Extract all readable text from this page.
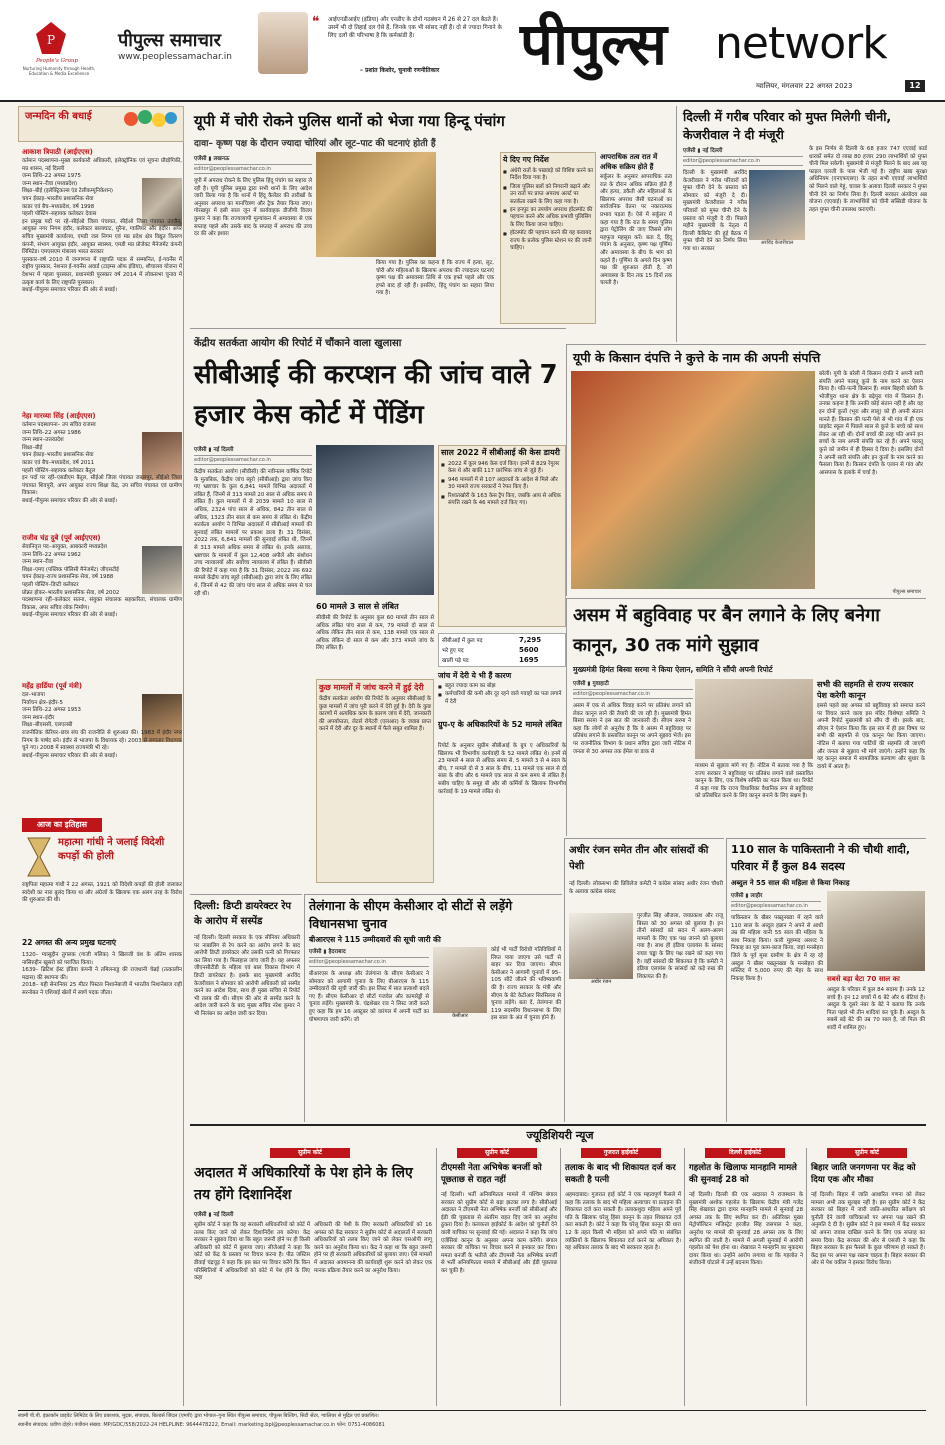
P
People's Group
Nurturing Humanity through Health, Education & Media Excellence
पीपुल्स समाचार
www.peoplessamachar.in
❝ आईएनडीआईए (इंडिया) और एनडीए के दोनों गठबंधन में 26 से 27 दल बैठते हैं। उसमें भी दो तिहाई दल ऐसे हैं, जिनके एक भी सांसद नहीं हैं। दो से ज्यादा गिनाने के लिए दलों की परिभाषा है कि कर्मकांडी हैं।
– प्रशांत किशोर, चुनावी रणनीतिकार	पीपुल्स	network
ग्वालियर, मंगलवार 22 अगस्त 2023	12
जन्मदिन की बधाई
आकाश त्रिपाठी (आईएएस)
वर्तमान पदस्थापना–मुख्य कार्यकारी अधिकारी, इलेक्ट्रॉनिक एवं सूचना प्रौद्योगिकी, मप्र शासन, नई दिल्ली
जन्म तिथि–22 अगस्त 1975
जन्म स्थान–रीवा (मध्यप्रदेश)
शिक्षा–बीई (इलेक्ट्रिकल्स एंड टेलीकम्यूनिकेशन)
चयन ईकाइ–भारतीय प्रशासनिक सेवा
काडर एवं बैच–मध्यप्रदेश, वर्ष 1998
पहली पोस्टिंग–सहायक कलेक्टर देवास
इन प्रमुख पदों पर रहे–सीईओ जिला पंचायत, सीईओ जिला पंचायत उज्जैन, आयुक्त नगर निगम इंदौर, कलेक्टर बालाघाट, मुरैना, ग्वालियर और इंदौर। अपर सचिव मुख्यमंत्री कार्यालय, एमडी जल निगम एवं मप्र प्रदेश क्षेत्र विद्युत वितरण कंपनी, संभाग आयुक्त इंदौर, आयुक्त स्वास्थ्य, एमडी मप्र प्रोजेक्ट मैनेजमेंट कंपनी लिमिटेड। एमएसएम मंत्रालय भारत सरकार
पुरस्कार–वर्ष 2010 में जनगणना में राष्ट्रपति पदक से सम्मानित, ई-गवर्नेंस में राष्ट्रीय पुरस्कार, नेशनल ई-गवर्नेंस अवार्ड (टाइम्स ऑफ इंडिया), शौचालय योजना में देशभर में पहला पुरस्कार, प्रधानमंत्री पुरस्कार वर्ष 2014 में लोकसभा चुनाव में उत्कृष्ट कार्य के लिए राष्ट्रपति पुरस्कार।
बधाई–पीपुल्स समाचार परिवार की ओर से बधाई।
नेहा मारव्या सिंह (आईएएस)
वर्तमान पदस्थापना– उप सचिव राजस्व
जन्म तिथि–22 अगस्त 1986
जन्म स्थान–उत्तरप्रदेश
शिक्षा–बीई
चयन ईकाइ–भारतीय प्रशासनिक सेवा
काडर एवं बैच–मध्यप्रदेश, वर्ष 2011
पहली पोस्टिंग–सहायक कलेक्टर बैतूल
इन पदों पर रहीं–एसडीएम बैतूल, सीईओ जिला पंचायत जबलपुर, सीईओ जिला पंचायत शिवपुरी, अपर आयुक्त राज्य शिक्षा केंद्र, उप सचिव पंचायत एवं ग्रामीण विकास।
बधाई–पीपुल्स समाचार परिवार की ओर से बधाई।
राजीव चंद्र दुबे (पूर्व आईएएस)
सेवानिवृत्त पद–आयुक्त, आबकारी मध्यप्रदेश
जन्म तिथि–22 अगस्त 1962
जन्म स्थान–रीवा
शिक्षा–एमए (पब्लिक पॉलिसी मैनेजमेंट) जीएसटीई
चयन ईकाइ–राज्य प्रशासनिक सेवा, वर्ष 1988
पहली पोस्टिंग–डिप्टी कलेक्टर
प्रोन्नत होकर–भारतीय प्रशासनिक सेवा, वर्ष 2002
पदस्थापना रहीं–कलेक्टर सतना, संयुक्त संचालक सहकारिता, संचालक ग्रामीण विकास, अपर सचिव लोक निर्माण।
बधाई–पीपुल्स समाचार परिवार की ओर से बधाई।
महेंद्र हार्डिया (पूर्व मंत्री)
दल–भाजपा
निर्वाचन क्षेत्र–इंदौर-5
जन्म तिथि–22 अगस्त 1953
जन्म स्थान–इंदौर
शिक्षा–बीएससी, एलएलबी
राजनीतिक कॅरियर–छात्र संघ की राजनीति से शुरुआत की। 1983 में इंदौर नगर निगम के पार्षद बने। इंदौर से भाजपा के विधायक रहे। 2003 से लगातार विधायक चुने गए। 2008 में स्वास्थ्य राज्यमंत्री भी रहे।
बधाई–पीपुल्स समाचार परिवार की ओर से बधाई।
आज का इतिहास
महात्मा गांधी ने जलाई विदेशी कपड़ों की होली
राष्ट्रपिता महात्मा गांधी ने 22 अगस्त, 1921 को विदेशी कपड़ों की होली जलाकर स्वदेशी का नारा बुलंद किया था और अंग्रेजों के खिलाफ एक अलग तरह के विरोध की शुरुआत की थी।
22 अगस्त की अन्य प्रमुख घटनाएं
1320– ग्यासुद्दीन तुगलक (गाजी मलिक) ने खिलजी वंश के अंतिम शासक नासिरुद्दीन खुसरो को पराजित किया।
1639– ब्रिटिश ईस्ट इंडिया कंपनी ने तमिलनाडु की राजधानी चेन्नई (तत्कालीन मद्रास) की स्थापना की।
2018– यही सेनानियर 25 मीटर पिस्टल निशानेबाजी में भारतीय निशानेबाज राही सरनोबत ने एशियाई खेलों में स्वर्ण पदक जीता।
यूपी में चोरी रोकने पुलिस थानों को भेजा गया हिन्दू पंचांग
दावा– कृष्ण पक्ष के दौरान ज्यादा चोरियां और लूट–पाट की घटनाएं होती हैं
एजेंसी ▮ लखनऊ
editor@peoplessamachar.co.in
यूपी में अपराध रोकने के लिए पुलिस हिंदू पंचांग का सहारा ले रही है। यूपी पुलिस प्रमुख द्वारा सभी थानों के लिए आदेश जारी किया गया है कि थानों में हिंदू कैलेंडर की तारीखों के अनुसार अपराध का मानचित्रण और ट्रैक तैयार किया जाए। गोरखपुर में इसी साल जून में कार्यवाहक डीजीपी विजय कुमार ने कहा कि राज्यव्यापी मूल्यांकन में अमावस्या से एक सप्ताह पहले और उसके बाद के सप्ताह में अपराध की उच्च दर की ओर इशारा
किया गया है। पुलिस का कहना है कि राज्य में हत्या, लूट, चोरी और महिलाओं के खिलाफ अपराध की ज्यादातर घटनाएं कृष्ण पक्ष की अमावस्या तिथि से एक हफ्ते पहले और एक हफ्ते बाद हो रही हैं। इसलिए, हिंदू पंचांग का सहारा लिया गया है।
ये दिए गए निर्देश
■ अंधेरी रातों के पखवाड़े को विशिष्ट करने का निर्देश दिया गया है।
■ जिला पुलिस बलों को निगरानी बढ़ाने और उन रातों पर प्राप्त अपराध अलर्ट पर सतर्कता रखने के लिए कहा गया है।
■ इन इनपुट का उपयोग अपराध हॉटस्पॉट की पहचान करने और अधिक प्रभावी पुलिसिंग के लिए किया जाना चाहिए।
■ हॉटस्पॉट की पहचान करने की यह कवायद राज्य के प्रत्येक पुलिस स्टेशन पर की जानी चाहिए।
आपराधिक तत्व रात में अधिक सक्रिय होते हैं
सर्कुलर के अनुसार आपराधिक तत्व रात के दौरान अधिक सक्रिय होते हैं और हत्या, डकैती और महिलाओं के खिलाफ अपराध जैसी घटनाओं का सार्वजनिक वेतना पर नकारात्मक प्रभाव पड़ता है। ऐसे में सर्कुलर में कहा गया है कि रात के समय पुलिस द्वारा पेट्रोलिंग की जाए जिससे लोग महफूज महसूस करें। बता दें, हिंदू पंचांग के अनुसार, कृष्ण पक्ष पूर्णिमा और अमावस्या के बीच के भाग को कहते हैं। पूर्णिमा के अगले दिन कृष्ण पक्ष की शुरुआत होती है, जो अमावस्या के दिन तक 15 दिनों तक चलती है।
केंद्रीय सतर्कता आयोग की रिपोर्ट में चौंकाने वाला खुलासा
सीबीआई की करप्शन की जांच वाले 7 हजार केस कोर्ट में पेंडिंग
एजेंसी ▮ नई दिल्ली
editor@peoplessamachar.co.in
केंद्रीय सतर्कता आयोग (सीवीसी) की नवीनतम वार्षिक रिपोर्ट के मुताबिक, केंद्रीय जांच ब्यूरो (सीबीआई) द्वारा जांच किए गए भ्रष्टाचार के कुल 6,841 मामले विभिन्न अदालतों में लंबित हैं, जिनमें से 313 मामले 20 साल से अधिक समय से लंबित हैं। कुल मामलों में से 2039 मामले 10 साल से अधिक, 2324 पांच साल से अधिक, 842 तीन साल से अधिक, 1323 तीन साल से कम समय से लंबित थे। केंद्रीय सतर्कता आयोग ने विभिन्न अदालतों में सीबीआई मामलों की सुनवाई लंबित मामलों पर प्रकाश डाला है। 31 दिसंबर, 2022 तक, 6,841 मामलों की सुनवाई लंबित थी, जिनमें से 313 मामले अधिक समय से लंबित थे। इनके अलावा, भ्रष्टाचार के मामलों में कुल 12,408 अपीलें और संशोधन उच्च न्यायालयों और सर्वोच्च न्यायालय में लंबित हैं। सीवीसी की रिपोर्ट में कहा गया है कि 31 दिसंबर, 2022 तक 692 मामले केंद्रीय जांच ब्यूरो (सीबीआई) द्वारा जांच के लिए लंबित थे, जिनमें से 42 की जांच पांच साल से अधिक समय से चल रही थी।
साल 2022 में सीबीआई की केस डायरी
■ 2022 में कुल 946 केस दर्ज किए। इनमें से 829 रेगुलर केस थे और बाकी 117 प्रारंभिक जांच से जुड़े हैं।
■ 946 मामलों में से 107 अदालतों के आदेश से मिले और 30 मामले राज्य सरकारों ने रेफर किए हैं।
■ रिश्वतखोरी के 163 केस ट्रैप किए, जबकि आय से अधिक संपत्ति रखने के 46 मामले दर्ज किए गए।
60 मामले 3 साल से लंबित
सीवीसी की रिपोर्ट के अनुसार कुल 60 मामले तीन साल से अधिक लंबित पांच साल से कम, 79 मामले दो साल से अधिक लेकिन तीन साल से कम, 138 मामले एक साल से अधिक लेकिन दो साल से कम और 373 मामले जांच के लिए लंबित हैं।
सीबीआई में कुल पद	7,295
भरे हुए पद	5600
खाली पड़े पद	1695
जांच में देरी ये भी हैं कारण
■ बहुत ज्यादा काम का बोझ
■ कर्मचारियों की कमी और दूर रहने वाले गवाहों का पता लगाने में देरी
कुछ मामलों में जांच करने में हुई देरी
केंद्रीय सतर्कता आयोग की रिपोर्ट के अनुसार सीबीआई के कुछ मामलों में जांच पूरी करने में देरी हुई है। देरी के कुछ कारणों में अत्यधिक काम के कारण जांच में देरी, जानकारी की अपर्याप्तता, लेटर्स रोगेटरी (एलआर) के जवाब प्राप्त करने में देरी और दूर के स्थानों में फैले सबूत शामिल हैं।
ग्रुप-ए के अधिकारियों के 52 मामले लंबित
रिपोर्ट के अनुसार सुप्रीम सीबीआई के ग्रुप ए अधिकारियों के खिलाफ भी विभागीय कार्यवाही के 52 मामले लंबित थे। इनमें से 23 मामले 4 साल से अधिक समय से, 5 मामले 3 से 4 साल के बीच, 7 मामले दो से 3 साल के बीच, 11 मामले एक साल से दो साल के बीच और 6 मामले एक साल से कम समय से लंबित हैं। सबीय चाहिए के समूह बी और सी कर्मियों के खिलाफ विभागीय कार्रवाई के 19 मामले लंबित थे।
दिल्ली में गरीब परिवार को मुफ्त मिलेगी चीनी, केजरीवाल ने दी मंजूरी
एजेंसी ▮ नई दिल्ली
editor@peoplessamachar.co.in
दिल्ली के मुख्यमंत्री अरविंद केजरीवाल ने गरीब परिवारों को मुफ्त चीनी देने के प्रस्ताव को सोमवार को मंजूरी दे दी। मुख्यमंत्री केजरीवाल ने गरीब परिवारों को मुफ्त चीनी देने के प्रस्ताव को मंजूरी दे दी। पिछले महीने मुख्यमंत्री के नेतृत्व में दिल्ली कैबिनेट की हुई बैठक में मुफ्त चीनी देने का निर्णय लिया गया था। सरकार
अरविंद केजरीवाल
के इस निर्णय से दिल्ली के 68 हजार 747 एएवाई कार्ड धारकों समेत दो लाख 80 हजार 290 लाभार्थियों को मुफ्त चीनी मिल सकेगी। मुख्यमंत्री से मंजूरी मिलने के बाद अब यह फाइल एलजी के पास भेजी गई है। राष्ट्रीय खाद्य सुरक्षा अधिनियम (एनएफएसए) के तहत सभी एएवाई लाभार्थियों को मिलने वाले गेहूं, चावल के अलावा दिल्ली सरकार ने मुफ्त चीनी देने का निर्णय लिया है। दिल्ली सरकार अंत्योदय अन्न योजना (एएवाई) के लाभार्थियों को चीनी सब्सिडी योजना के तहत मुफ्त चीनी उपलब्ध कराएगी।
यूपी के किसान दंपत्ति ने कुत्ते के नाम की अपनी संपत्ति
बरेली। यूपी के बरेली में किसान दंपति ने अपनी सारी संपत्ति अपने पालतू कुत्ते के नाम करने का ऐलान किया है। पति-पत्नी किसान हैं। श्याम बिहारी बरेली के भोजीपुरा थाना क्षेत्र के बढ़ेपुरा गांव में किसान हैं। उनका कहना है कि उनकी कोई संतान नहीं है और वह इन दोनों कुत्तों (भूरा और लालू) को ही अपनी संतान मानते हैं। किसान की पत्नी पेशे से भी गांव में ही एक प्राइवेट स्कूल में पिछले साल से कुत्ते के बच्चे को साथ लेकर आ रही थीं। दोनों बच्चों की तरह पति अपने इन बच्चों के नाम अपनी संपत्ति कर रहे हैं। अपने पालतू कुत्ते को जमीन में ही हिस्सा दे दिया है। इसलिए दोनों ने अपनी सारी संपत्ति और इन कुत्तों के नाम करने का फैसला किया है। किसान दंपति के एलान से गांव और आसपास के इलाके में चर्चा है।
पीपुल्स समाचार
असम में बहुविवाह पर बैन लगाने के लिए बनेगा कानून, 30 तक मांगे सुझाव
मुख्यमंत्री हिमंत बिस्वा सरमा ने किया ऐलान, समिति ने सौंपी अपनी रिपोर्ट
एजेंसी ▮ गुवाहाटी
editor@peoplessamachar.co.in
असम में एक से अधिक विवाह करने पर प्रतिबंध लगाने को लेकर कानून लाने की तैयारी की जा रही है। मुख्यमंत्री हिमंत बिस्वा सरमा ने इस बात की जानकारी दी। सीएम सरमा ने कहा कि लोगों से अनुरोध है कि वे असम में बहुविवाह पर प्रतिबंध लगाने के प्रस्तावित कानून पर अपने सुझाव भेजें। इस पर राजनीतिक विभाग के प्रधान सचिव द्वारा जारी नोटिस में जनता से 30 अगस्त तक ईमेल या डाक से
माध्यम से सुझाव मांगे गए हैं। नोटिस में बताया गया है कि राज्य सरकार ने बहुविवाह पर प्रतिबंध लगाने वाले प्रस्तावित कानून के लिए, एक विशेष समिति का गठन किया था। रिपोर्ट में कहा गया कि राज्य विधायिका वैधानिक रूप से बहुविवाह को प्रतिबंधित करने के लिए कानून बनाने के लिए सक्षम है।
सभी की सहमति से राज्य सरकार पेश करेगी कानून
इससे पहले छह अगस्त को बहुविवाह को समाप्त करने पर विचार करने वाला इस मंदिर विशेषज्ञ समिति ने अपनी रिपोर्ट मुख्यमंत्री को सौंप दी थी। इसके बाद, सीएम ने ऐलान किया कि इस सत्र में ही इस विषय पर सभी की सहमति से एक कानून पेश किया जाएगा। नोटिस में बताया गया पार्टियों की सहमति ली जाएगी और जनता से सुझाव भी मांगे जाएंगे। उन्होंने कहा कि यह कानून समाज में सामाजिक कल्याण और सुधार के दायरे में आता है।
दिल्ली: डिप्टी डायरेक्टर रेप के आरोप में सस्पेंड
नई दिल्ली। दिल्ली सरकार के एक सीनियर अधिकारी पर नाबालिग से रेप करने का आरोप लगने के बाद आरोपी डिप्टी डायरेक्टर और उसकी पत्नी को गिरफ्तार कर लिया गया है। फिलहाल जांच जारी है। यह अफसर जीएनसीटीडी के महिला एवं बाल विकास विभाग में डिप्टी डायरेक्टर है। इसके बाद मुख्यमंत्री अरविंद केजरीवाल ने सोमवार को आरोपी अधिकारी को सस्पेंड करने का आदेश दिया, साथ ही मुख्य सचिव से रिपोर्ट भी तलब की थी। सीएम की ओर से सस्पेंड करने के आदेश जारी करने के बाद मुख्य सचिव नरेश कुमार ने भी निलंबन का आदेश जारी कर दिया।
तेलंगाना के सीएम केसीआर दो सीटों से लड़ेंगे विधानसभा चुनाव
बीआरएस ने 115 उम्मीदवारों की सूची जारी की
एजेंसी ▮ हैदराबाद
editor@peoplessamachar.co.in
बीआरएस के अध्यक्ष और तेलंगाना के सीएम केसीआर ने सोमवार को आगामी चुनाव के लिए बीआरएस के 115 उम्मीदवारों की सूची जारी की। इस लिस्ट में सात प्रत्याशी बदले गए हैं। सीएम केसीआर दो सीटों गजवेल और कामारेड्डी से चुनाव लड़ेंगे। मुख्यमंत्री के. चंद्रशेखर राव ने लिस्ट जारी करते हुए कहा कि हम 16 अक्टूबर को वारंगल में अपनी पार्टी का घोषणापत्र जारी करेंगे। जो
केसीआर
कोई भी पार्टी विरोधी गतिविधियों में लिप्त पाया जाएगा उसे पार्टी से बाहर कर दिया जाएगा। सीएम केसीआर ने आगामी चुनावों में 95–105 सीटें जीतने की भविष्यवाणी की है। राज्य सरकार के मंत्री और सीएम के बेटे केटीआर सिरसिल्ला से चुनाव लड़ेंगे। बता दें, तेलंगाना की 119 सदस्यीय विधानसभा के लिए इस साल के अंत में चुनाव होने हैं।
अधीर रंजन समेत तीन और सांसदों की पेशी
नई दिल्ली। लोकसभा की प्रिविलेज कमेटी ने कांग्रेस सांसद अधीर रंजन चौधरी के अलावा कांग्रेस सांसद
अधीर रंजन
गुरजीत सिंह औजला, जयप्रकाश और राजू बिस्ता को 30 अगस्त को बुलाया है। इन तीनों सांसदों को सदन में अलग-अलग मामलों के लिए एक पक्ष जानने को बुलाया गया है। साथ ही इंडिया एलायंस के सांसद राघव चड्ढा के लिए पक्ष रखने को कहा गया है। वहीं सांसदों की शिकायत है कि कमेटी ने इंडिया एलायंस के सांसदों को कड़े रुख की शिकायत की है।
110 साल के पाकिस्तानी ने की चौथी शादी, परिवार में हैं कुल 84 सदस्य
अब्दुल ने 55 साल की महिला से किया निकाह
एजेंसी ▮ लाहौर
editor@peoplessamachar.co.in
पाकिस्तान के खैबर पख्तूनख्वा में रहने वाले 110 साल के अब्दुल हन्नान ने अपने से आधी उम्र की महिला यानी 55 साल की महिला के साथ निकाह किया। कारी मुहम्मद अरशद ने निकाह का पूरा काम-काज किया, जहां मनसेहरा जिले के पूर्व मूसा ग्रामीण के क्षेत्र में रह रहे अब्दुल ने खैबर पख्तूनख्वा के मनसेहरा की मस्जिद में 5,000 रुपए की मेहर के साथ निकाह किया है।	सबसे बड़ा बेटा 70 साल का
अब्दुल के परिवार में कुल 84 सदस्य हैं। उनके 12 बच्चे हैं। इन 12 बच्चों में 6 बेटे और 6 बेटियां हैं। अब्दुल के दूसरे नंबर के बेटे ने बताया कि उनके पिता पहले भी तीन शादियां कर चुके हैं। अब्दुल के सबसे बड़े बेटे की उम्र 70 साल है, जो पिता की शादी में शामिल हुए।
ज्यूडिशियरी न्यूज
सुप्रीम कोर्ट
अदालत में अधिकारियों के पेश होने के लिए तय होंगे दिशानिर्देश
एजेंसी ▮ नई दिल्ली
सुप्रीम कोर्ट ने कहा कि वह सरकारी अधिकारियों को कोर्ट में तलब किए जाने को लेकर दिशानिर्देश तय करेगा। केंद्र सरकार ने सुझाव दिया था कि बहुत जरूरी होने पर ही किसी अधिकारी को कोर्ट में बुलाया जाए। सीजेआई ने कहा कि कोर्ट को केंद्र के प्रस्ताव पर विचार करना है। पीठ जस्टिस डीवाई चंद्रचूड़ ने कहा कि इस बात पर विचार करेंगे कि किन परिस्थितियों में अधिकारियों को कोर्ट में पेश होने के लिए कहा
अधिकारी की पेशी के लिए सरकारी अधिकारियों को 16 अगस्त को केंद्र सरकार ने सुप्रीम कोर्ट से अदालतों में सरकारी अधिकारियों को तलब किए जाने को लेकर एसओपी लागू करने का अनुरोध किया था। केंद्र ने कहा था कि बहुत जरूरी होने पर ही सरकारी अधिकारियों को बुलाया जाए। ऐसे मामलों में अदालत अवमानना की कार्यवाही शुरू करने को लेकर एक मानक प्रक्रिया तैयार करने का अनुरोध किया।
सुप्रीम कोर्ट
टीएमसी नेता अभिषेक बनर्जी को पूछताछ से राहत नहीं
नई दिल्ली। भर्ती अनियमितता मामले में पश्चिम बंगाल सरकार को सुप्रीम कोर्ट से बड़ा झटका लगा है। सीबीआई अदालत ने टीएमसी नेता अभिषेक बनर्जी को सीबीआई और ईडी की पूछताछ से अंतरिम राहत दिए जाने का अनुरोध ठुकरा दिया है। कलकत्ता हाईकोर्ट के आदेश को चुनौती देने वाली याचिका पर सुनवाई की गई। अदालत ने कहा कि जांच एजेंसियां कानून के अनुसार अपना काम करेंगी। बंगाल सरकार की याचिका पर विचार करने से इनकार कर दिया। ममता बनर्जी के भतीजे और टीएमसी नेता अभिषेक बनर्जी से भर्ती अनियमितता मामले में सीबीआई और ईडी पूछताछ कर चुकी है।
गुजरात हाईकोर्ट
तलाक के बाद भी शिकायत दर्ज कर सकती है पत्नी
अहमदाबाद। गुजरात हाई कोर्ट ने एक महत्वपूर्ण फैसले में कहा कि तलाक के बाद भी महिला अत्याचार या प्रताड़ना की शिकायत दर्ज करा सकती है। तलाकशुदा महिला अपने पूर्व पति के खिलाफ घरेलू हिंसा कानून के तहत शिकायत दर्ज करा सकती है। कोर्ट ने कहा कि घरेलू हिंसा कानून की धारा 12 के तहत किसी भी महिला को अपने पति या संबंधित व्यक्तियों के खिलाफ शिकायत दर्ज करने का अधिकार है। यह अधिकार तलाक के बाद भी बरकरार रहता है।
दिल्ली हाईकोर्ट
गहलोत के खिलाफ मानहानि मामले की सुनवाई 28 को
नई दिल्ली। दिल्ली की एक अदालत ने राजस्थान के मुख्यमंत्री अशोक गहलोत के खिलाफ केंद्रीय मंत्री गजेंद्र सिंह शेखावत द्वारा दायर मानहानि मामले में सुनवाई 28 अगस्त तक के लिए स्थगित कर दी। अतिरिक्त मुख्य मेट्रोपॉलिटन मजिस्ट्रेट हरजीत सिंह जसपाल ने कहा, अनुरोध पर मामले की सुनवाई 28 अगस्त तक के लिए स्थगित की जाती है। मामले में अगली सुनवाई में आरोपी गहलोत को पेश होना था। शेखावत ने मानहानि का मुकदमा दायर किया था। उन्होंने आरोप लगाया था कि गहलोत ने संजीवनी घोटाले में उन्हें बदनाम किया।
सुप्रीम कोर्ट
बिहार जाति जनगणना पर केंद्र को दिया एक और मौका
नई दिल्ली। बिहार में जाति आधारित गणना को लेकर मामला अभी तक सुलझा नहीं है। इस सुप्रीम कोर्ट ने केंद्र सरकार को बिहार में जारी जाति-आधारित सर्वेक्षण को चुनौती देने वाली याचिकाओं पर अपना पक्ष रखने की अनुमति दे दी है। सुप्रीम कोर्ट ने इस मामले में केंद्र सरकार को अपना जवाब दाखिल करने के लिए एक सप्ताह का समय दिया। केंद्र सरकार की ओर से एसजी ने कहा कि बिहार सरकार के इस फैसले के कुछ परिणाम हो सकते हैं। केंद्र इस पर अपना पक्ष रखना चाहता है। बिहार सरकार की ओर से पेश वकील ने इसका विरोध किया।
स्वामी पी.पी. इंफ्राकॉन प्राइवेट लिमिटेड के लिए प्रकाशक, मुद्रक, संपादक, बिल्डर्स जिंदल (एमपी) द्वारा भोपाल–गुना स्थित पीपुल्स समाचार, पीपुल्स बिल्डिंग, सिटी सेंटर, ग्वालियर से मुद्रित एवं प्रकाशित।
स्थानीय संपादक: प्रवीण दोहरे। पंजीयन संख्या: MP/GDC/558/2022-24 HELPLINE: 9644478222, Email: marketing.bpl@peoplessamachar.co.in फोन: 0751-4086081
